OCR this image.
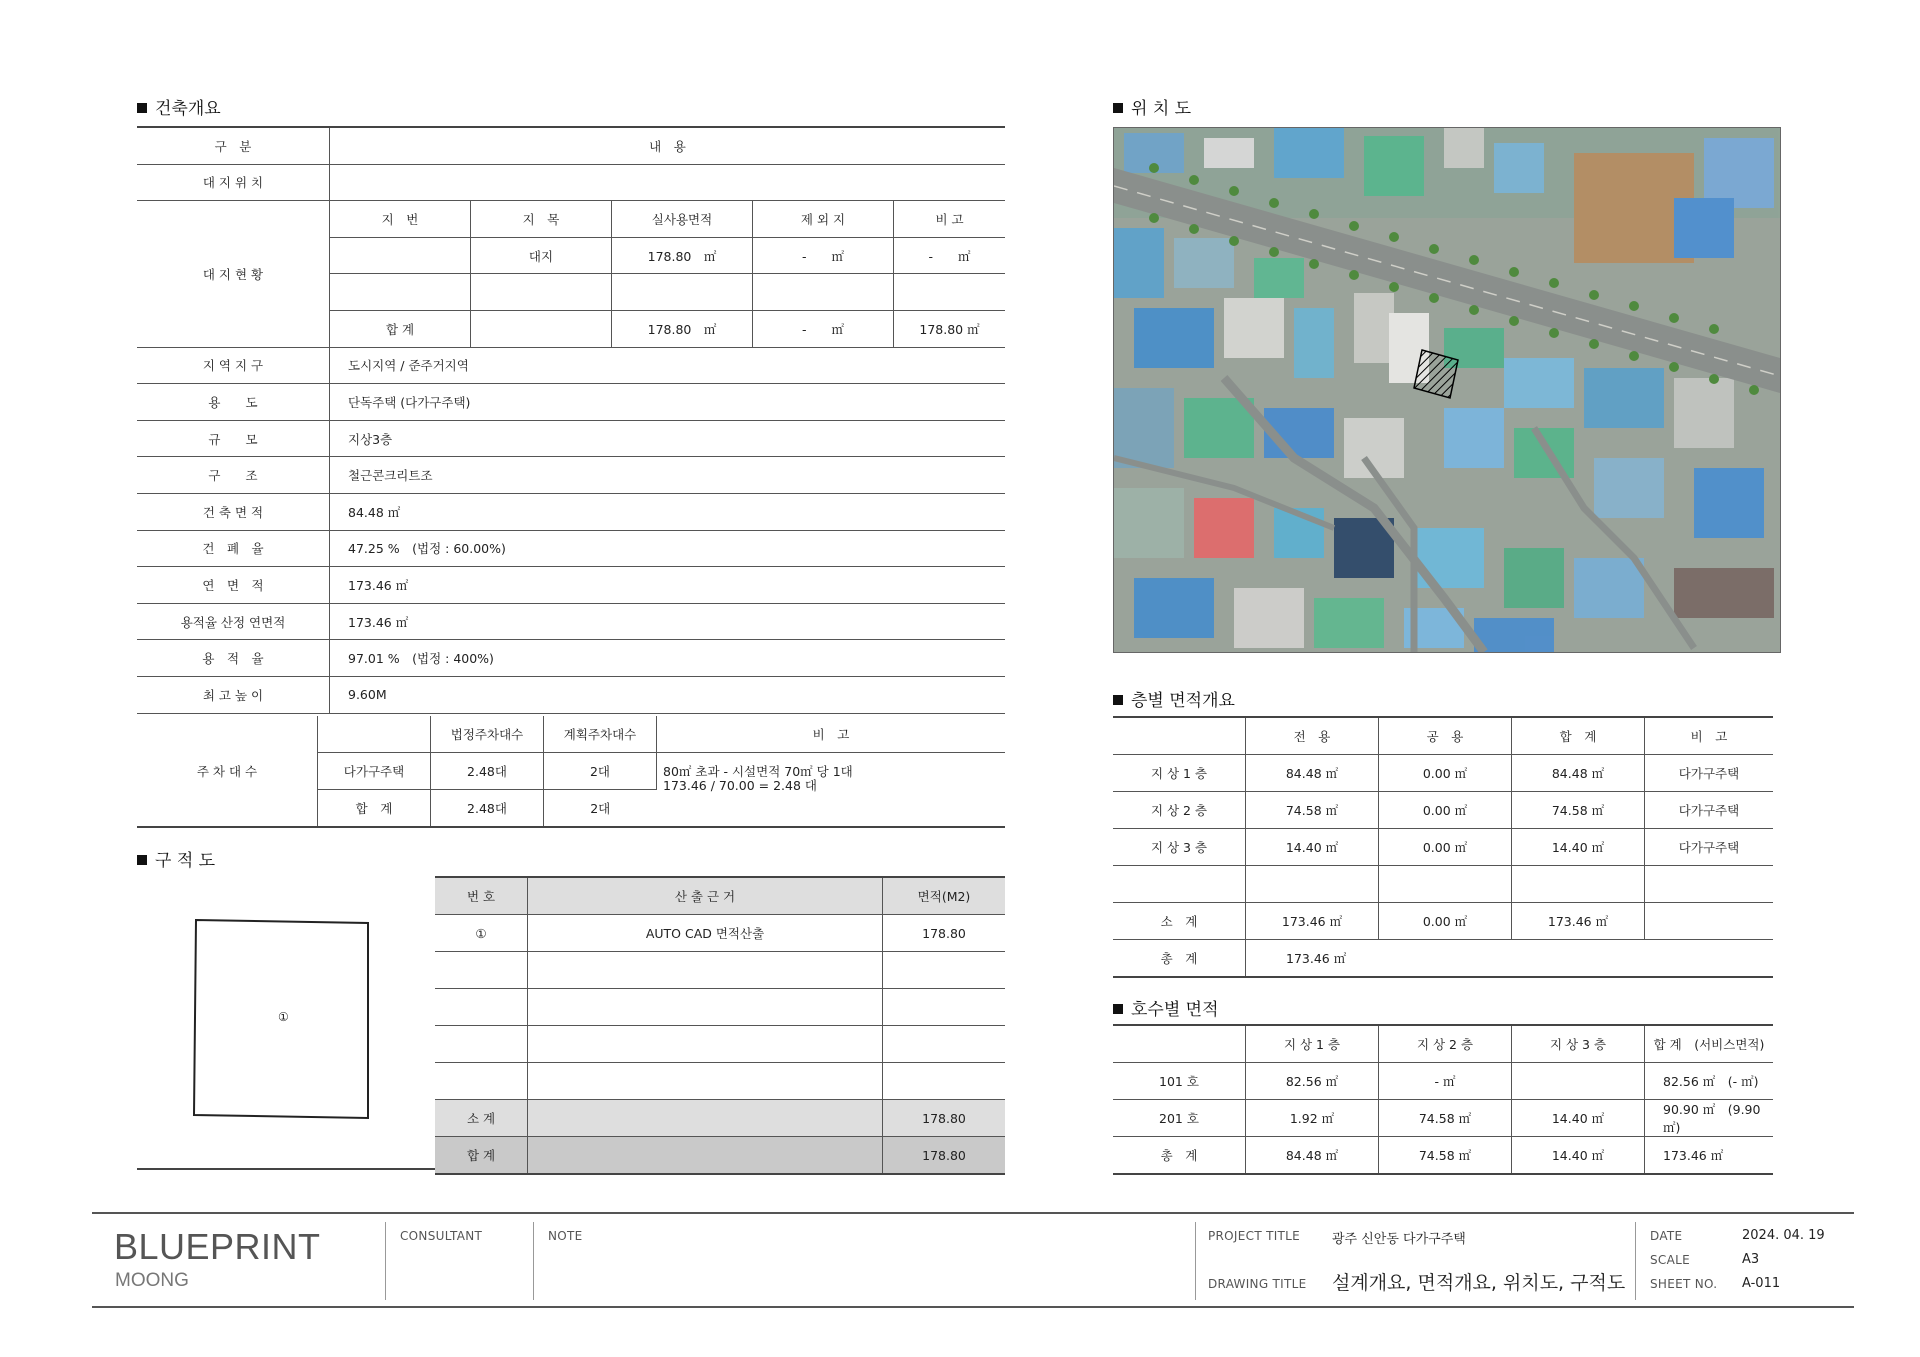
건축개요
구　분	내　용				
대 지 위 치					
대 지 현 황	지　번	지　목	실사용면적	제 외 지	비 고
		대지	178.80　㎡	-　　㎡	-　　㎡

	합 계		178.80　㎡	-　　㎡	178.80 ㎡
지 역 지 구	도시지역 / 준주거지역				
용　　도	단독주택 (다가구주택)				
규　　모	지상3층				
구　　조	철근콘크리트조				
건 축 면 적	84.48 ㎡				
건　폐　율	47.25 %　(법정 : 60.00%)				
연　면　적	173.46 ㎡				
용적율 산정 연면적	173.46 ㎡				
용　적　율	97.01 %　(법정 : 400%)				
최 고 높 이	9.60M				
주 차 대 수		법정주차대수	계획주차대수	비　고
	다가구주택	2.48대	2대	80㎡ 초과 - 시설면적 70㎡ 당 1대
173.46 / 70.00 = 2.48 대

	합　계	2.48대	2대	
구 적 도
①
번 호	산 출 근 거	면적(M2)
①	AUTO CAD 면적산출	178.80

소 계		178.80
합 계		178.80
위 치 도
층별 면적개요
	전　용	공　용	합　계	비　고
지 상 1 층	84.48 ㎡	0.00 ㎡	84.48 ㎡	다가구주택
지 상 2 층	74.58 ㎡	0.00 ㎡	74.58 ㎡	다가구주택
지 상 3 층	14.40 ㎡	0.00 ㎡	14.40 ㎡	다가구주택

소　계	173.46 ㎡	0.00 ㎡	173.46 ㎡	
총　계	173.46 ㎡			
호수별 면적
	지 상 1 층	지 상 2 층	지 상 3 층	합 계　(서비스면적)
101 호	82.56 ㎡	- ㎡		82.56 ㎡　(- ㎡)
201 호	1.92 ㎡	74.58 ㎡	14.40 ㎡	90.90 ㎡　(9.90 ㎡)
총　계	84.48 ㎡	74.58 ㎡	14.40 ㎡	173.46 ㎡
BLUEPRINT
MOONG
CONSULTANT	NOTE	PROJECT TITLE 광주 신안동 다가구주택
DRAWING TITLE 설계개요, 면적개요, 위치도, 구적도
DATE	2024. 04. 19
SCALE	A3
SHEET NO. A-011
